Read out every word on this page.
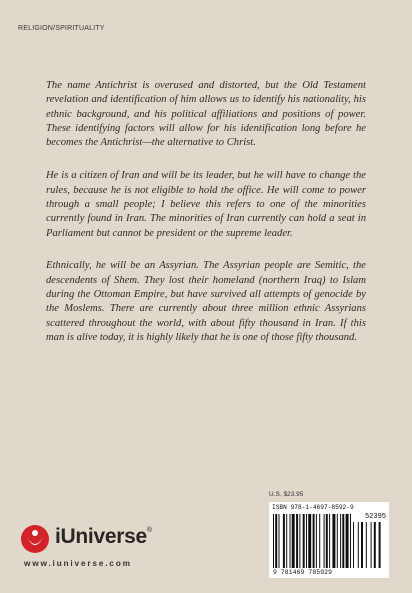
RELIGION/SPIRITUALITY

The name Antichrist is overused and distorted, but the Old Testament revelation and identification of him allows us to identify his nationality, his ethnic background, and his political affiliations and positions of power. These identifying factors will allow for his identification long before he becomes the Antichrist—the alternative to Christ.

He is a citizen of Iran and will be its leader, but he will have to change the rules, because he is not eligible to hold the office. He will come to power through a small people; I believe this refers to one of the minorities currently found in Iran. The minorities of Iran currently can hold a seat in Parliament but cannot be president or the supreme leader.

Ethnically, he will be an Assyrian. The Assyrian people are Semitic, the descendents of Shem. They lost their homeland (northern Iraq) to Islam during the Ottoman Empire, but have survived all attempts of genocide by the Moslems. There are currently about three million ethnic Assyrians scattered throughout the world, with about fifty thousand in Iran. If this man is alive today, it is highly likely that he is one of those fifty thousand.

U.S. $23.95
ISBN 978-1-4697-8592-9
52395
9 781469 785929
iUniverse®
www.iuniverse.com
